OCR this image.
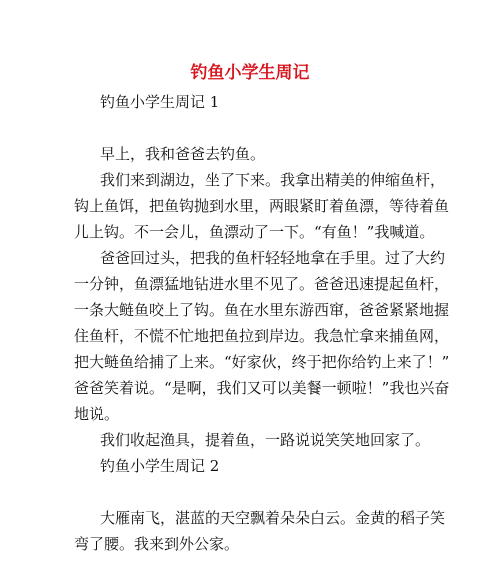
钓鱼小学生周记
钓鱼小学生周记 1
早上，我和爸爸去钓鱼。
我们来到湖边，坐了下来。我拿出精美的伸缩鱼杆，
钩上鱼饵，把鱼钩抛到水里，两眼紧盯着鱼漂，等待着鱼
儿上钩。不一会儿，鱼漂动了一下。“有鱼！”我喊道。
爸爸回过头，把我的鱼杆轻轻地拿在手里。过了大约
一分钟，鱼漂猛地钻进水里不见了。爸爸迅速提起鱼杆，
一条大鲢鱼咬上了钩。鱼在水里东游西窜，爸爸紧紧地握
住鱼杆，不慌不忙地把鱼拉到岸边。我急忙拿来捕鱼网，
把大鲢鱼给捕了上来。“好家伙，终于把你给钓上来了！”
爸爸笑着说。“是啊，我们又可以美餐一顿啦！”我也兴奋
地说。
我们收起渔具，提着鱼，一路说说笑笑地回家了。
钓鱼小学生周记 2
大雁南飞，湛蓝的天空飘着朵朵白云。金黄的稻子笑
弯了腰。我来到外公家。
